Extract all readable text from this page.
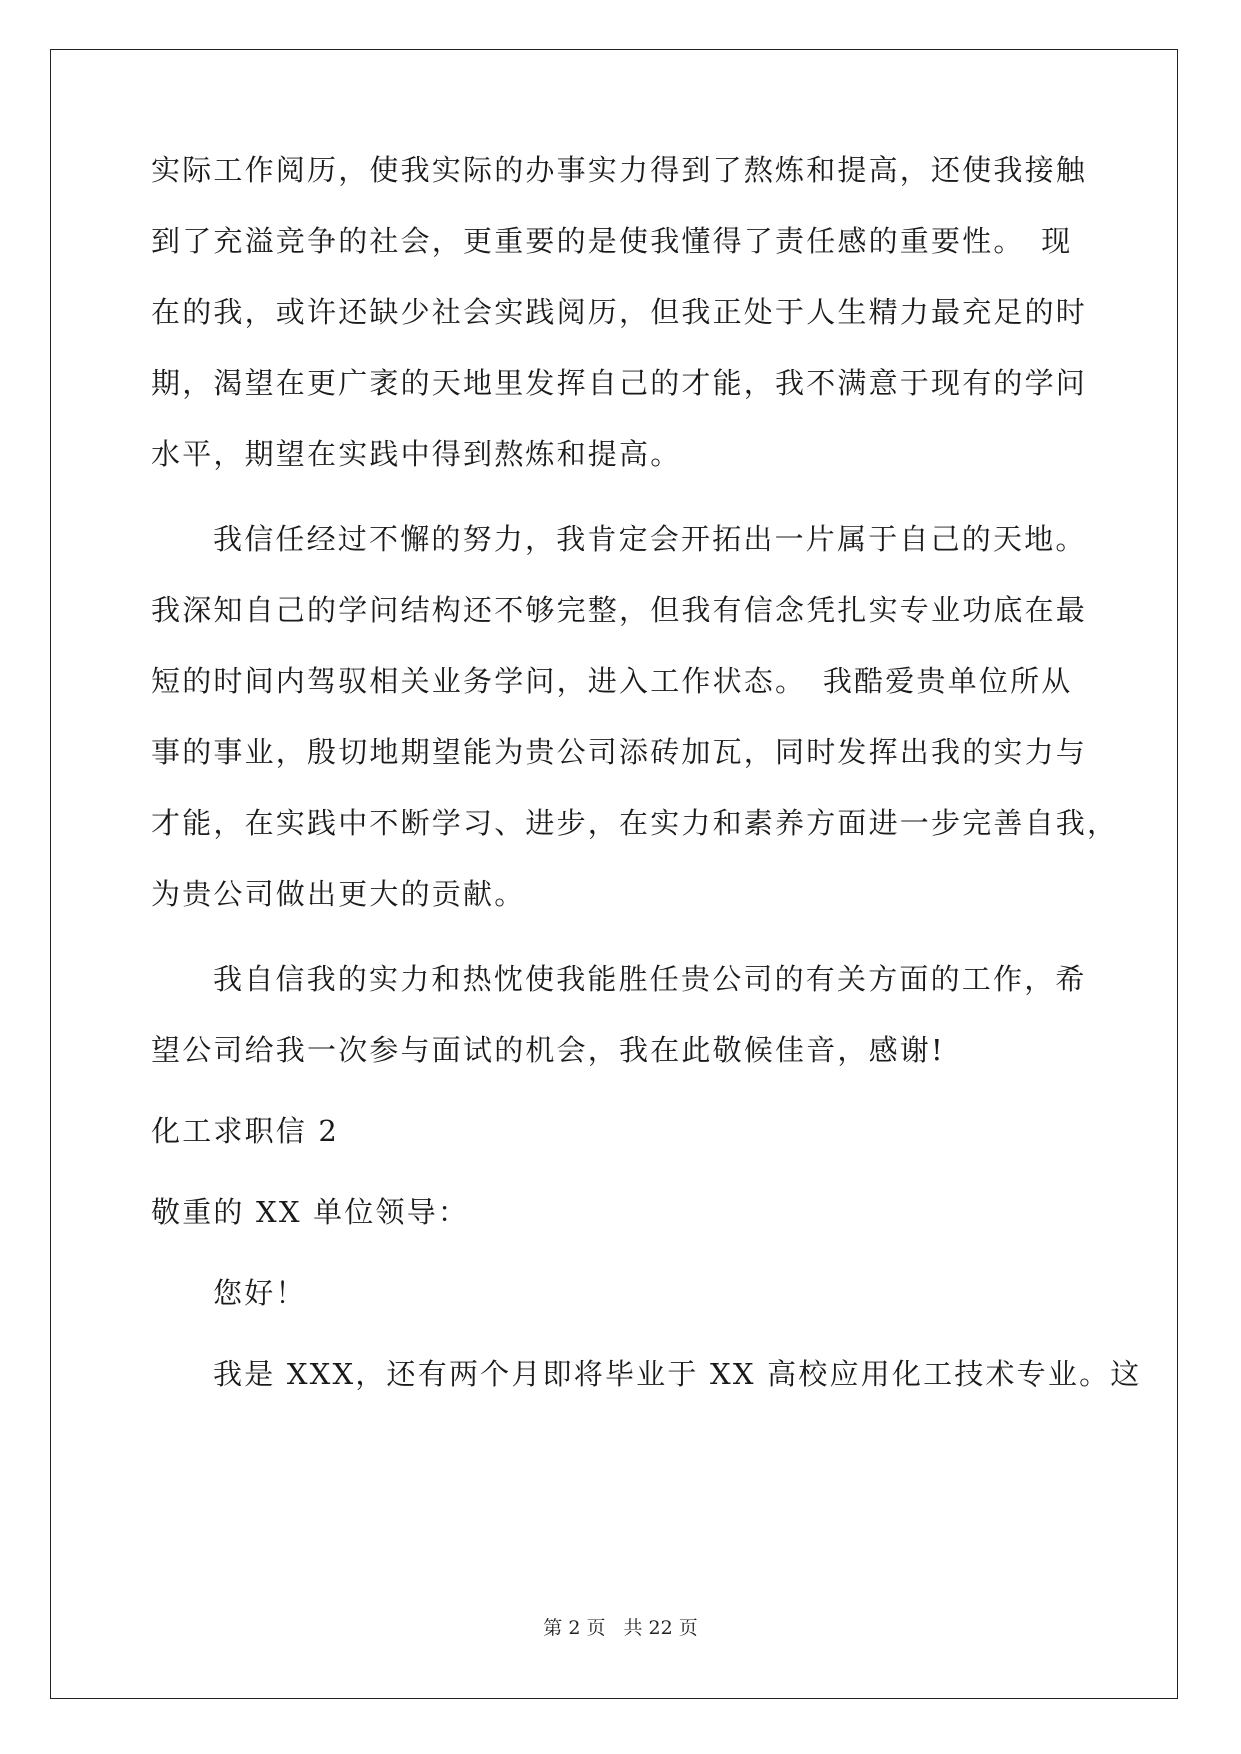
实际工作阅历，使我实际的办事实力得到了熬炼和提高，还使我接触
到了充溢竞争的社会，更重要的是使我懂得了责任感的重要性。　现
在的我，或许还缺少社会实践阅历，但我正处于人生精力最充足的时
期，渴望在更广袤的天地里发挥自己的才能，我不满意于现有的学问
水平，期望在实践中得到熬炼和提高。
我信任经过不懈的努力，我肯定会开拓出一片属于自己的天地。
我深知自己的学问结构还不够完整，但我有信念凭扎实专业功底在最
短的时间内驾驭相关业务学问，进入工作状态。　我酷爱贵单位所从
事的事业，殷切地期望能为贵公司添砖加瓦，同时发挥出我的实力与
才能，在实践中不断学习、进步，在实力和素养方面进一步完善自我，
为贵公司做出更大的贡献。
我自信我的实力和热忱使我能胜任贵公司的有关方面的工作，希
望公司给我一次参与面试的机会，我在此敬候佳音，感谢!
化工求职信 2
敬重的 XX 单位领导：
您好！
我是 XXX，还有两个月即将毕业于 XX 高校应用化工技术专业。这
第 2 页 共 22 页
